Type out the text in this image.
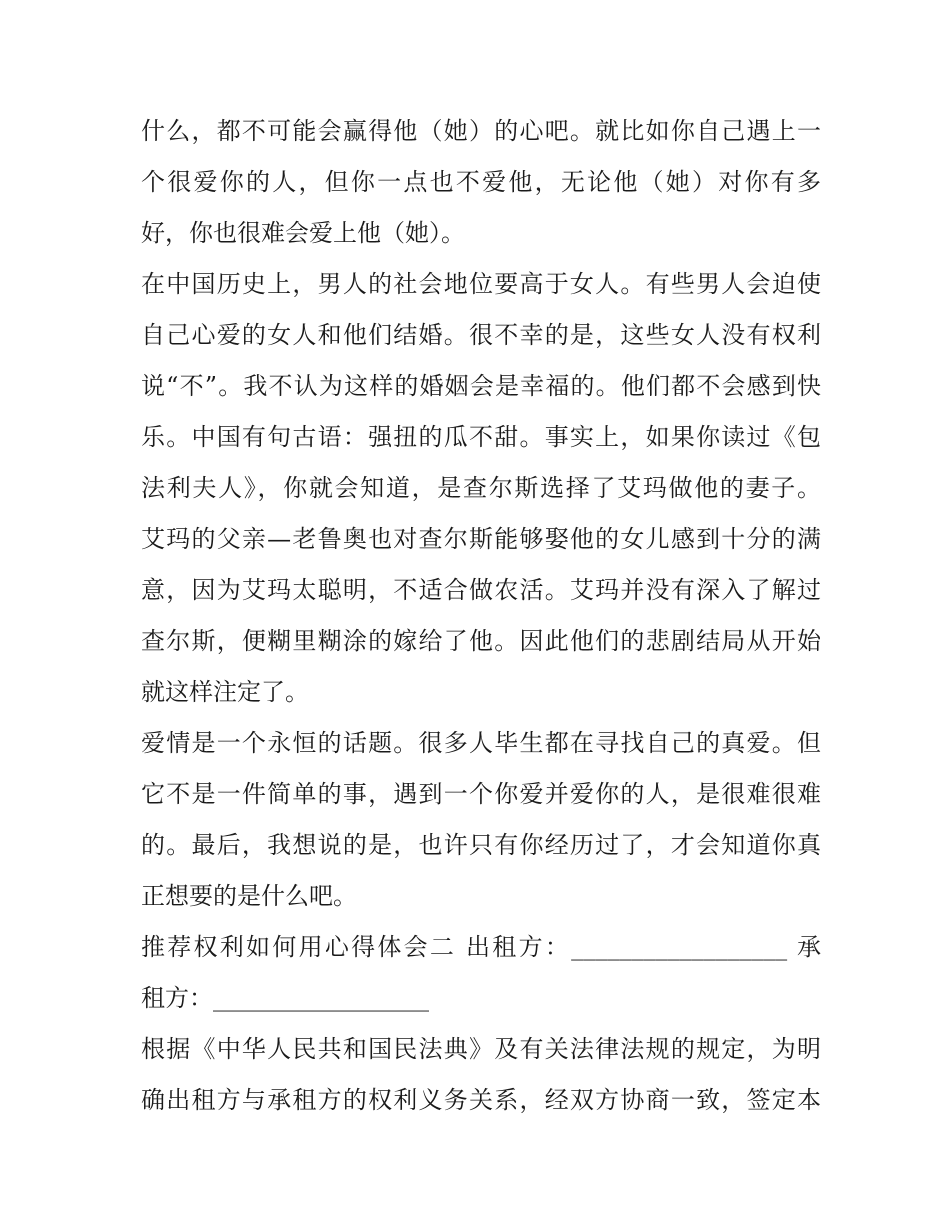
什么，都不可能会赢得他（她）的心吧。就比如你自己遇上一
个很爱你的人，但你一点也不爱他，无论他（她）对你有多
好，你也很难会爱上他（她）。
在中国历史上，男人的社会地位要高于女人。有些男人会迫使
自己心爱的女人和他们结婚。很不幸的是，这些女人没有权利
说“不”。我不认为这样的婚姻会是幸福的。他们都不会感到快
乐。中国有句古语：强扭的瓜不甜。事实上，如果你读过《包
法利夫人》，你就会知道，是查尔斯选择了艾玛做他的妻子。
艾玛的父亲—老鲁奥也对查尔斯能够娶他的女儿感到十分的满
意，因为艾玛太聪明，不适合做农活。艾玛并没有深入了解过
查尔斯，便糊里糊涂的嫁给了他。因此他们的悲剧结局从开始
就这样注定了。
爱情是一个永恒的话题。很多人毕生都在寻找自己的真爱。但
它不是一件简单的事，遇到一个你爱并爱你的人，是很难很难
的。最后，我想说的是，也许只有你经历过了，才会知道你真
正想要的是什么吧。
推荐权利如何用心得体会二 出租方：__________________ 承
租方：__________________
根据《中华人民共和国民法典》及有关法律法规的规定，为明
确出租方与承租方的权利义务关系，经双方协商一致，签定本
